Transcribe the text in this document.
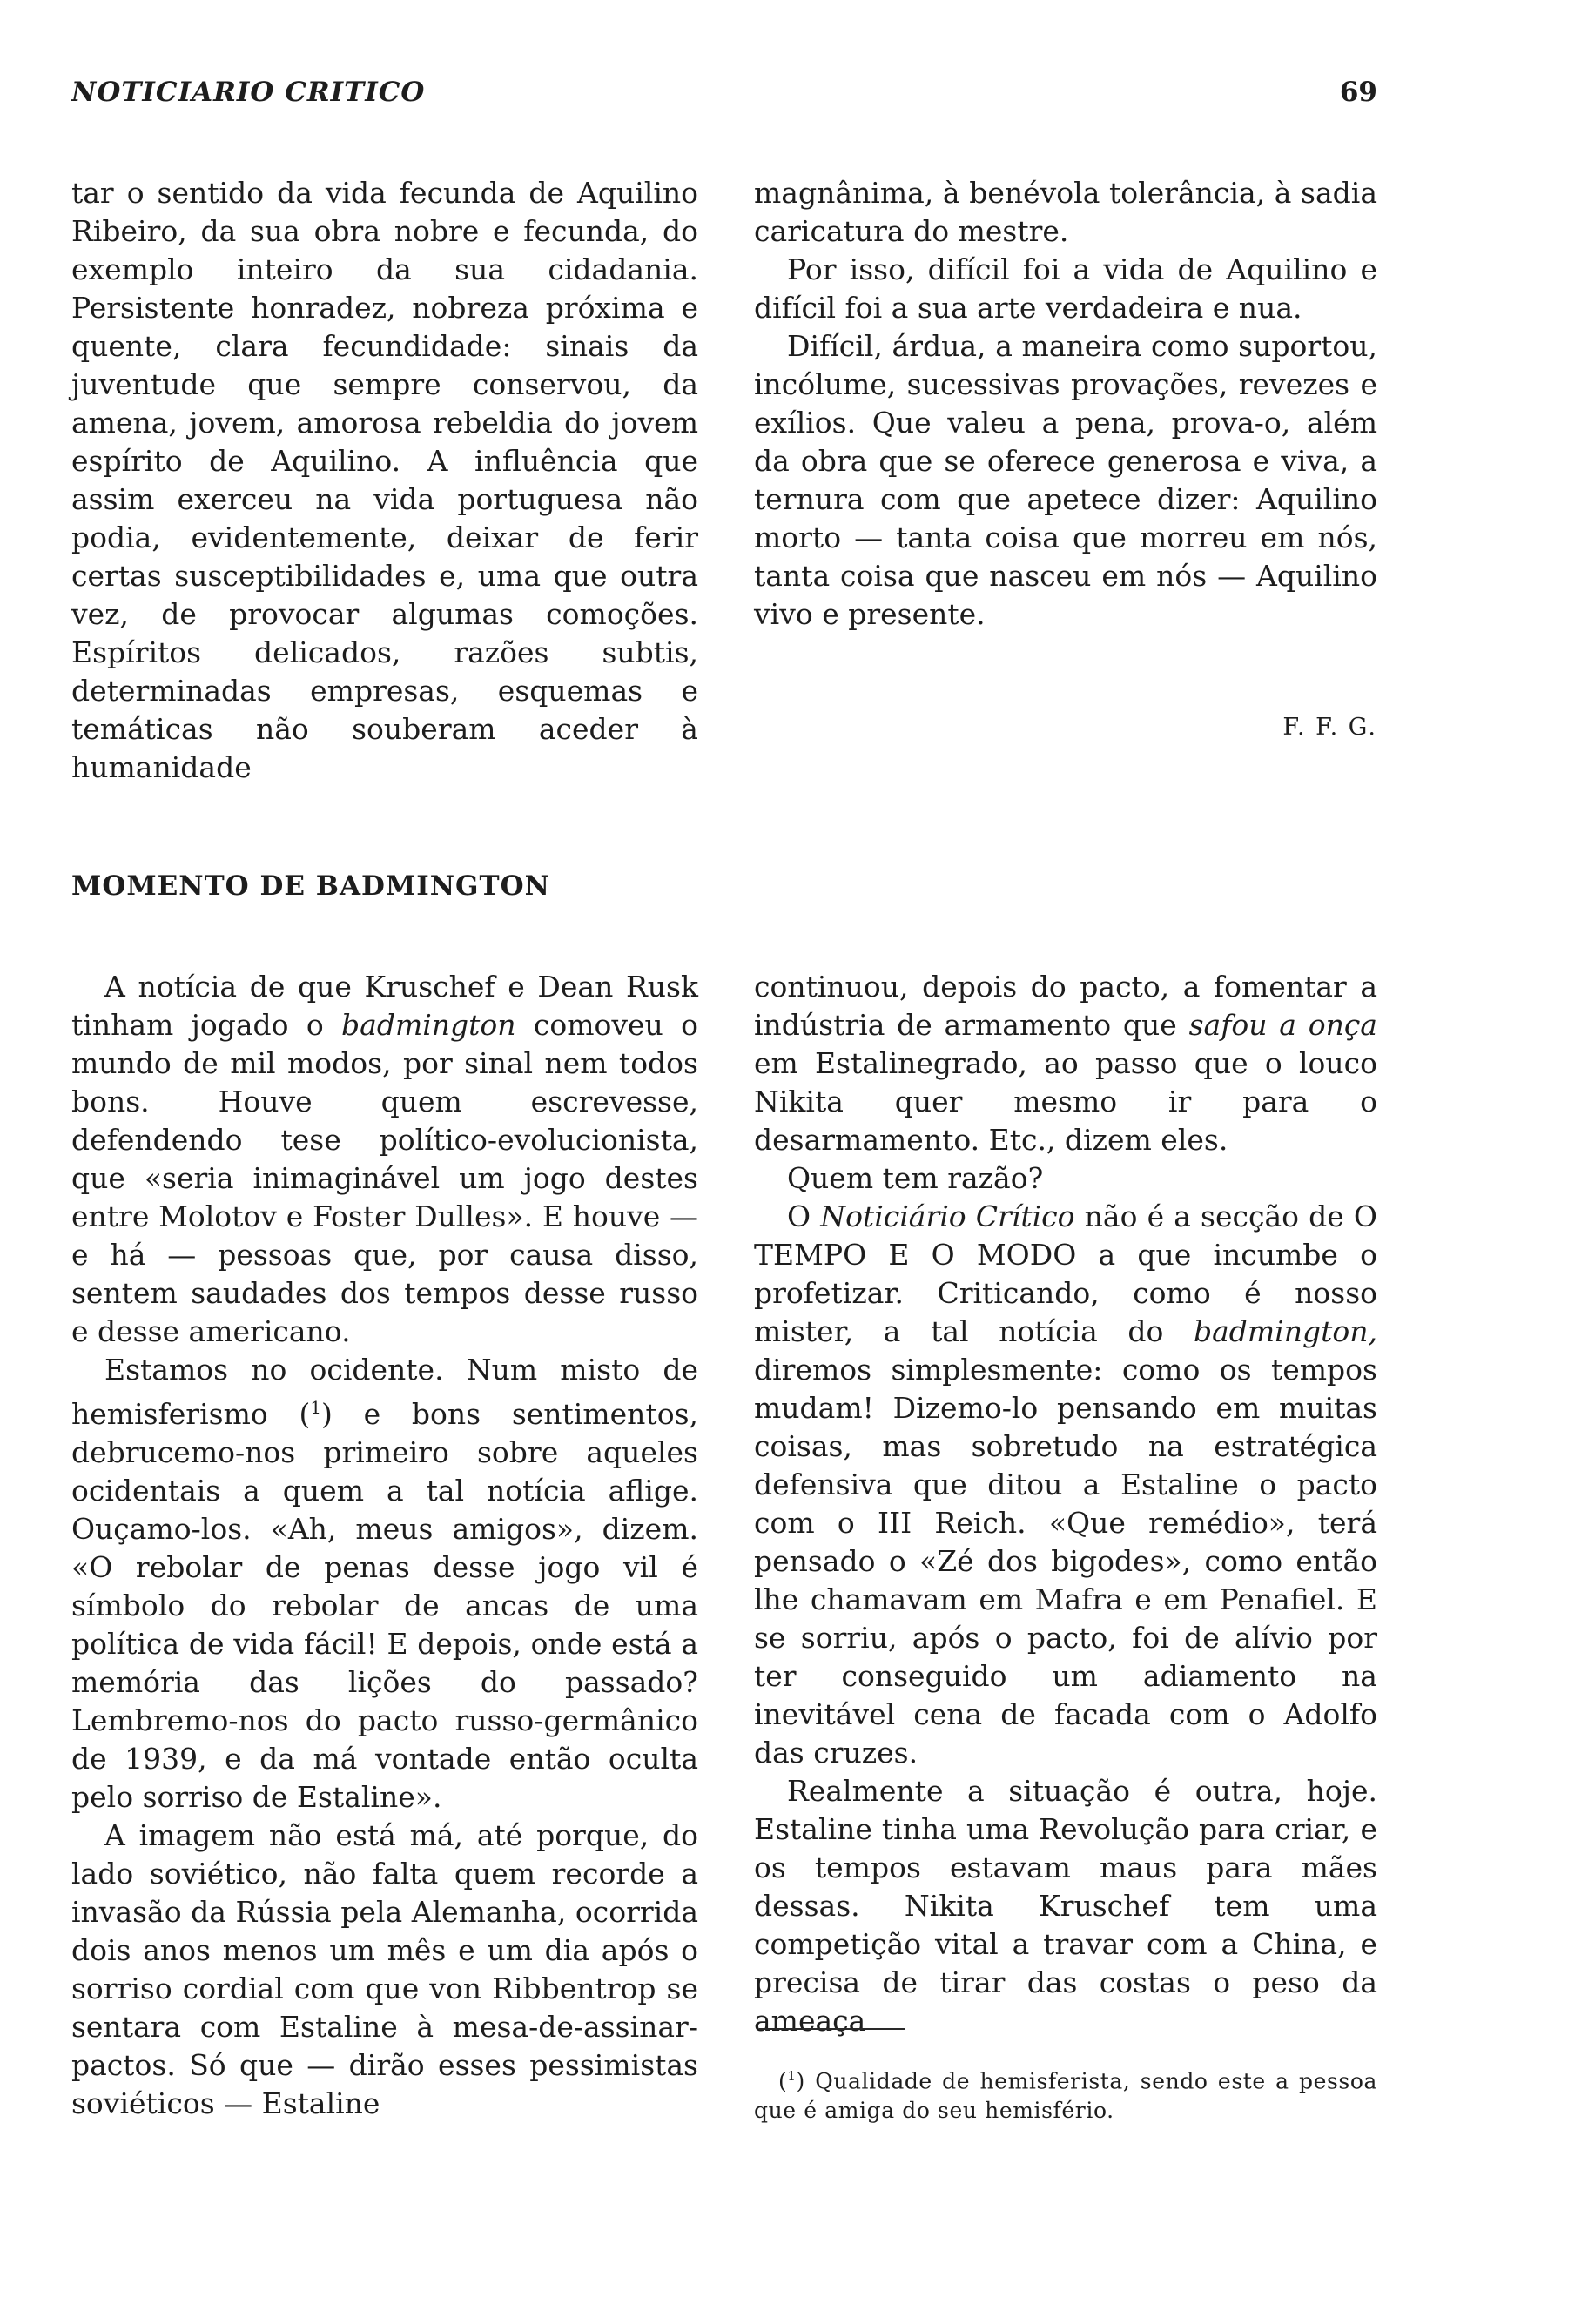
NOTICIARIO CRITICO	69

tar o sentido da vida fecunda de Aquilino Ribeiro, da sua obra nobre e fecunda, do exemplo inteiro da sua cidadania. Persistente honradez, nobreza próxima e quente, clara fecundidade: sinais da juventude que sempre conservou, da amena, jovem, amorosa rebeldia do jovem espírito de Aquilino. A influência que assim exerceu na vida portuguesa não podia, evidentemente, deixar de ferir certas susceptibilidades e, uma que outra vez, de provocar algumas comoções. Espíritos delicados, razões subtis, determinadas empresas, esquemas e temáticas não souberam aceder à humanidade

magnânima, à benévola tolerância, à sadia caricatura do mestre.

Por isso, difícil foi a vida de Aquilino e difícil foi a sua arte verdadeira e nua.

Difícil, árdua, a maneira como suportou, incólume, sucessivas provações, revezes e exílios. Que valeu a pena, prova-o, além da obra que se oferece generosa e viva, a ternura com que apetece dizer: Aquilino morto — tanta coisa que morreu em nós, tanta coisa que nasceu em nós — Aquilino vivo e presente.

F. F. G.
MOMENTO DE BADMINGTON

A notícia de que Kruschef e Dean Rusk tinham jogado o badmington comoveu o mundo de mil modos, por sinal nem todos bons. Houve quem escrevesse, defendendo tese político-evolucionista, que «seria inimaginável um jogo destes entre Molotov e Foster Dulles». E houve — e há — pessoas que, por causa disso, sentem saudades dos tempos desse russo e desse americano.

Estamos no ocidente. Num misto de hemisferismo ($^1$) e bons sentimentos, debrucemo-nos primeiro sobre aqueles ocidentais a quem a tal notícia aflige. Ouçamo-los. «Ah, meus amigos», dizem. «O rebolar de penas desse jogo vil é símbolo do rebolar de ancas de uma política de vida fácil! E depois, onde está a memória das lições do passado? Lembremo-nos do pacto russo-germânico de 1939, e da má vontade então oculta pelo sorriso de Estaline».

A imagem não está má, até porque, do lado soviético, não falta quem recorde a invasão da Rússia pela Alemanha, ocorrida dois anos menos um mês e um dia após o sorriso cordial com que von Ribbentrop se sentara com Estaline à mesa-de-assinar-pactos. Só que — dirão esses pessimistas soviéticos — Estaline

continuou, depois do pacto, a fomentar a indústria de armamento que safou a onça em Estalinegrado, ao passo que o louco Nikita quer mesmo ir para o desarmamento. Etc., dizem eles.

Quem tem razão?

O Noticiário Crítico não é a secção de O TEMPO E O MODO a que incumbe o profetizar. Criticando, como é nosso mister, a tal notícia do badmington, diremos simplesmente: como os tempos mudam! Dizemo-lo pensando em muitas coisas, mas sobretudo na estratégica defensiva que ditou a Estaline o pacto com o III Reich. «Que remédio», terá pensado o «Zé dos bigodes», como então lhe chamavam em Mafra e em Penafiel. E se sorriu, após o pacto, foi de alívio por ter conseguido um adiamento na inevitável cena de facada com o Adolfo das cruzes.

Realmente a situação é outra, hoje. Estaline tinha uma Revolução para criar, e os tempos estavam maus para mães dessas. Nikita Kruschef tem uma competição vital a travar com a China, e precisa de tirar das costas o peso da ameaça

($^1$) Qualidade de hemisferista, sendo este a pessoa que é amiga do seu hemisfério.
